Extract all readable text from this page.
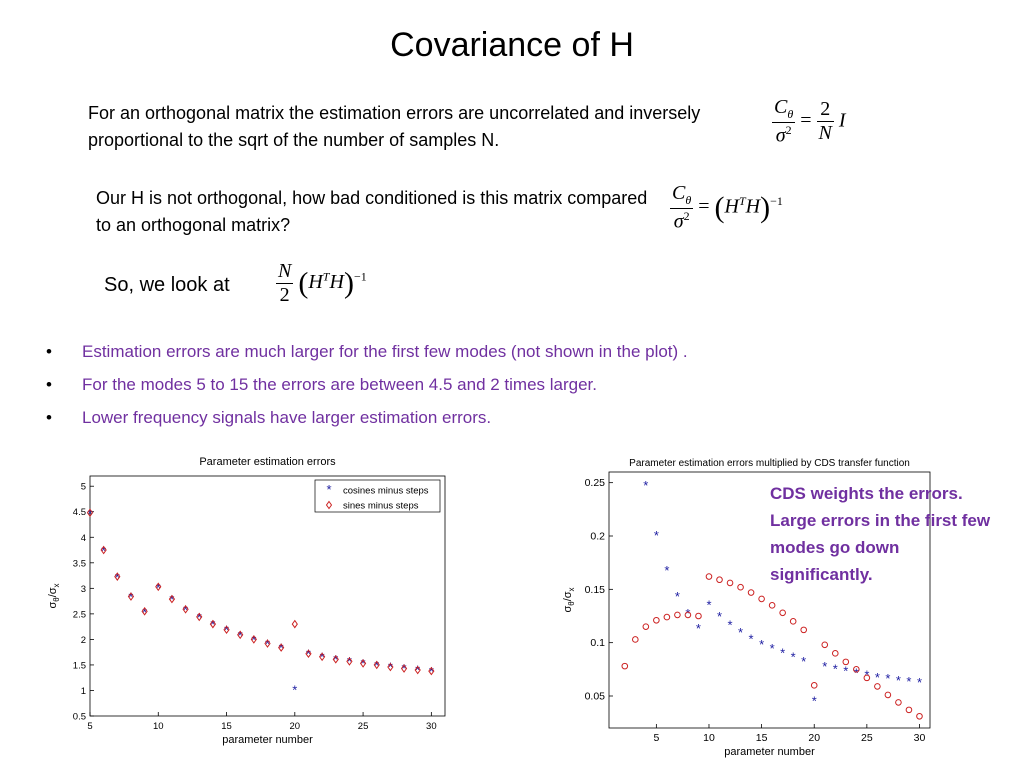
Covariance of H
For an orthogonal matrix the estimation errors are uncorrelated and inversely proportional to the sqrt of the number of samples N.	$\frac{C_\theta}{\sigma^2} = \frac{2}{N}$ I
Our H is not orthogonal, how bad conditioned is this matrix compared to an orthogonal matrix?	$\frac{C_\theta}{\sigma^2} = (H^TH)^{-1}$
So, we look at $\frac{N}{2} (H^TH)^{-1}$
• Estimation errors are much larger for the first few modes (not shown in the plot) .
• For the modes 5 to 15 the errors are between 4.5 and 2 times larger.
• Lower frequency signals have larger estimation errors.
Parameter estimation errors
5	10	15	20	25	30
0.5
1
1.5
2
2.5
3
3.5
4
4.5
5
parameter number
$\sigma_\theta/\sigma_x$
*
*
*
*
*
*
*
*
* * * * * * *
*
* * * * * * * * * *
* cosines minus steps
sines minus steps
Parameter estimation errors multiplied by CDS transfer function
5	10	15	20	25	30
0.05
0.1
0.15
0.2
0.25
parameter number
$\sigma_\theta/\sigma_x$
*
*
*
*
*
*
*
*
* * * * * * * *
*
* * * * * * * * * *
CDS weights the errors. Large errors in the first few modes go down significantly.
